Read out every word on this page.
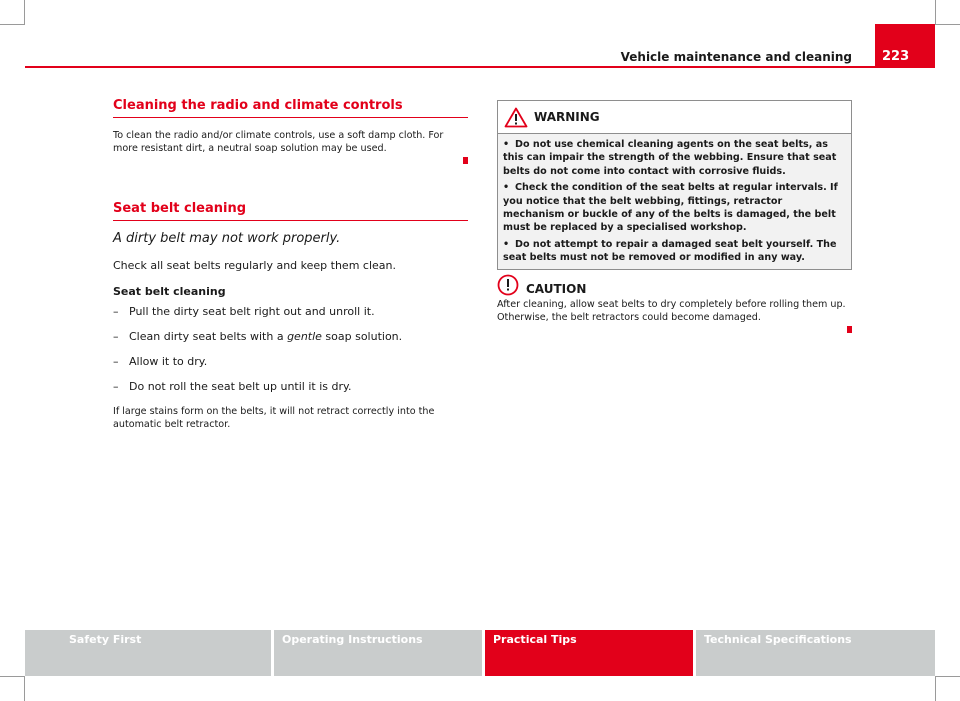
Vehicle maintenance and cleaning 223
Cleaning the radio and climate controls

To clean the radio and/or climate controls, use a soft damp cloth. For more resistant dirt, a neutral soap solution may be used.

Seat belt cleaning

A dirty belt may not work properly.

Check all seat belts regularly and keep them clean.

Seat belt cleaning

– Pull the dirty seat belt right out and unroll it.

– Clean dirty seat belts with a gentle soap solution.

– Allow it to dry.

– Do not roll the seat belt up until it is dry.

If large stains form on the belts, it will not retract correctly into the automatic belt retractor.

WARNING

• Do not use chemical cleaning agents on the seat belts, as this can impair the strength of the webbing. Ensure that seat belts do not come into contact with corrosive fluids.

• Check the condition of the seat belts at regular intervals. If you notice that the belt webbing, fittings, retractor mechanism or buckle of any of the belts is damaged, the belt must be replaced by a specialised workshop.

• Do not attempt to repair a damaged seat belt yourself. The seat belts must not be removed or modified in any way.

CAUTION

After cleaning, allow seat belts to dry completely before rolling them up. Otherwise, the belt retractors could become damaged.

Safety First	Operating Instructions	Practical Tips	Technical Specifications
